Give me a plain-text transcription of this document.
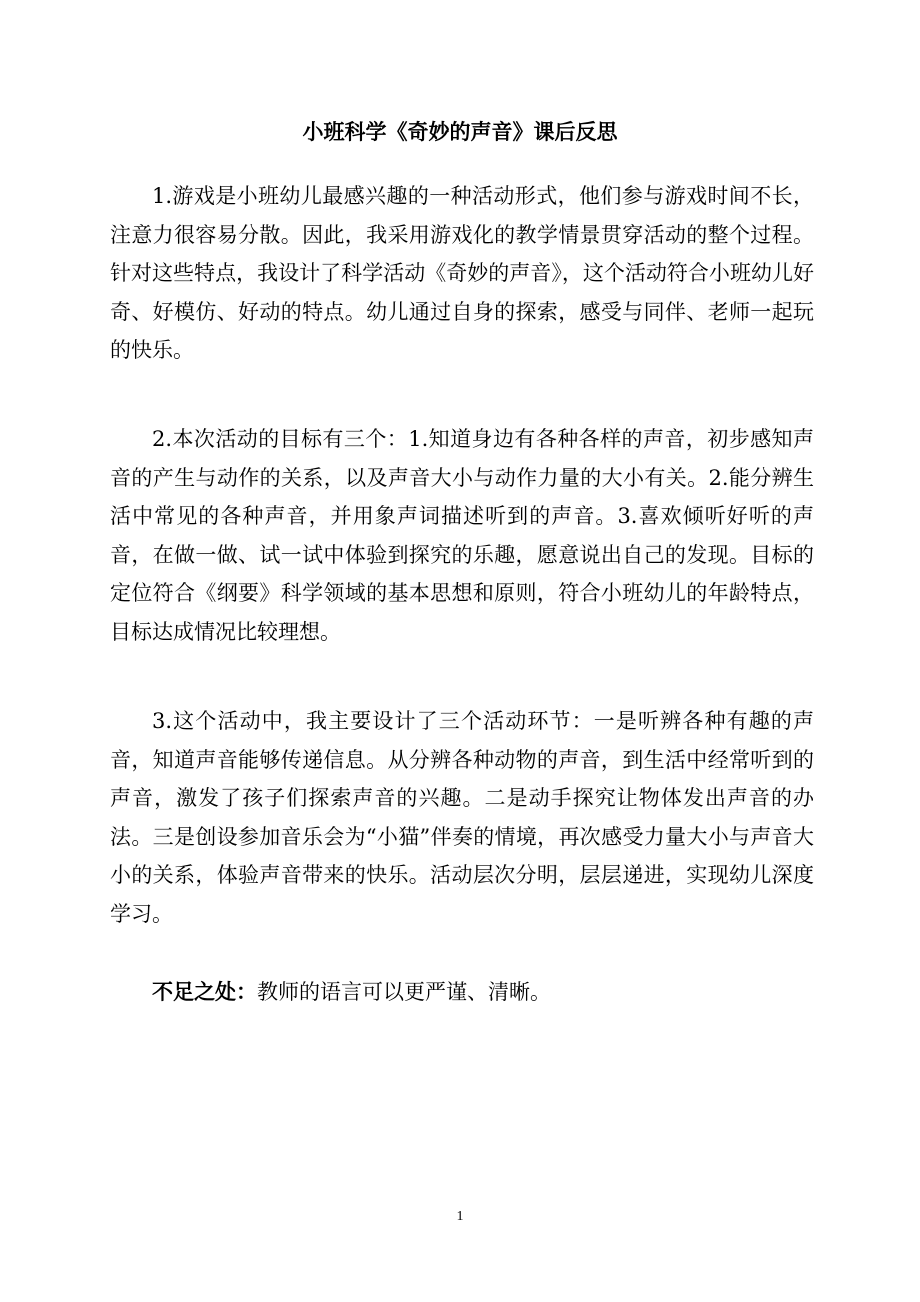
小班科学《奇妙的声音》课后反思

1.游戏是小班幼儿最感兴趣的一种活动形式，他们参与游戏时间不长，注意力很容易分散。因此，我采用游戏化的教学情景贯穿活动的整个过程。针对这些特点，我设计了科学活动《奇妙的声音》，这个活动符合小班幼儿好奇、好模仿、好动的特点。幼儿通过自身的探索，感受与同伴、老师一起玩的快乐。

2.本次活动的目标有三个：1.知道身边有各种各样的声音，初步感知声音的产生与动作的关系，以及声音大小与动作力量的大小有关。2.能分辨生活中常见的各种声音，并用象声词描述听到的声音。3.喜欢倾听好听的声音，在做一做、试一试中体验到探究的乐趣，愿意说出自己的发现。目标的定位符合《纲要》科学领域的基本思想和原则，符合小班幼儿的年龄特点，目标达成情况比较理想。

3.这个活动中，我主要设计了三个活动环节：一是听辨各种有趣的声音，知道声音能够传递信息。从分辨各种动物的声音，到生活中经常听到的声音，激发了孩子们探索声音的兴趣。二是动手探究让物体发出声音的办法。三是创设参加音乐会为“小猫”伴奏的情境，再次感受力量大小与声音大小的关系，体验声音带来的快乐。活动层次分明，层层递进，实现幼儿深度学习。

不足之处：教师的语言可以更严谨、清晰。

1
